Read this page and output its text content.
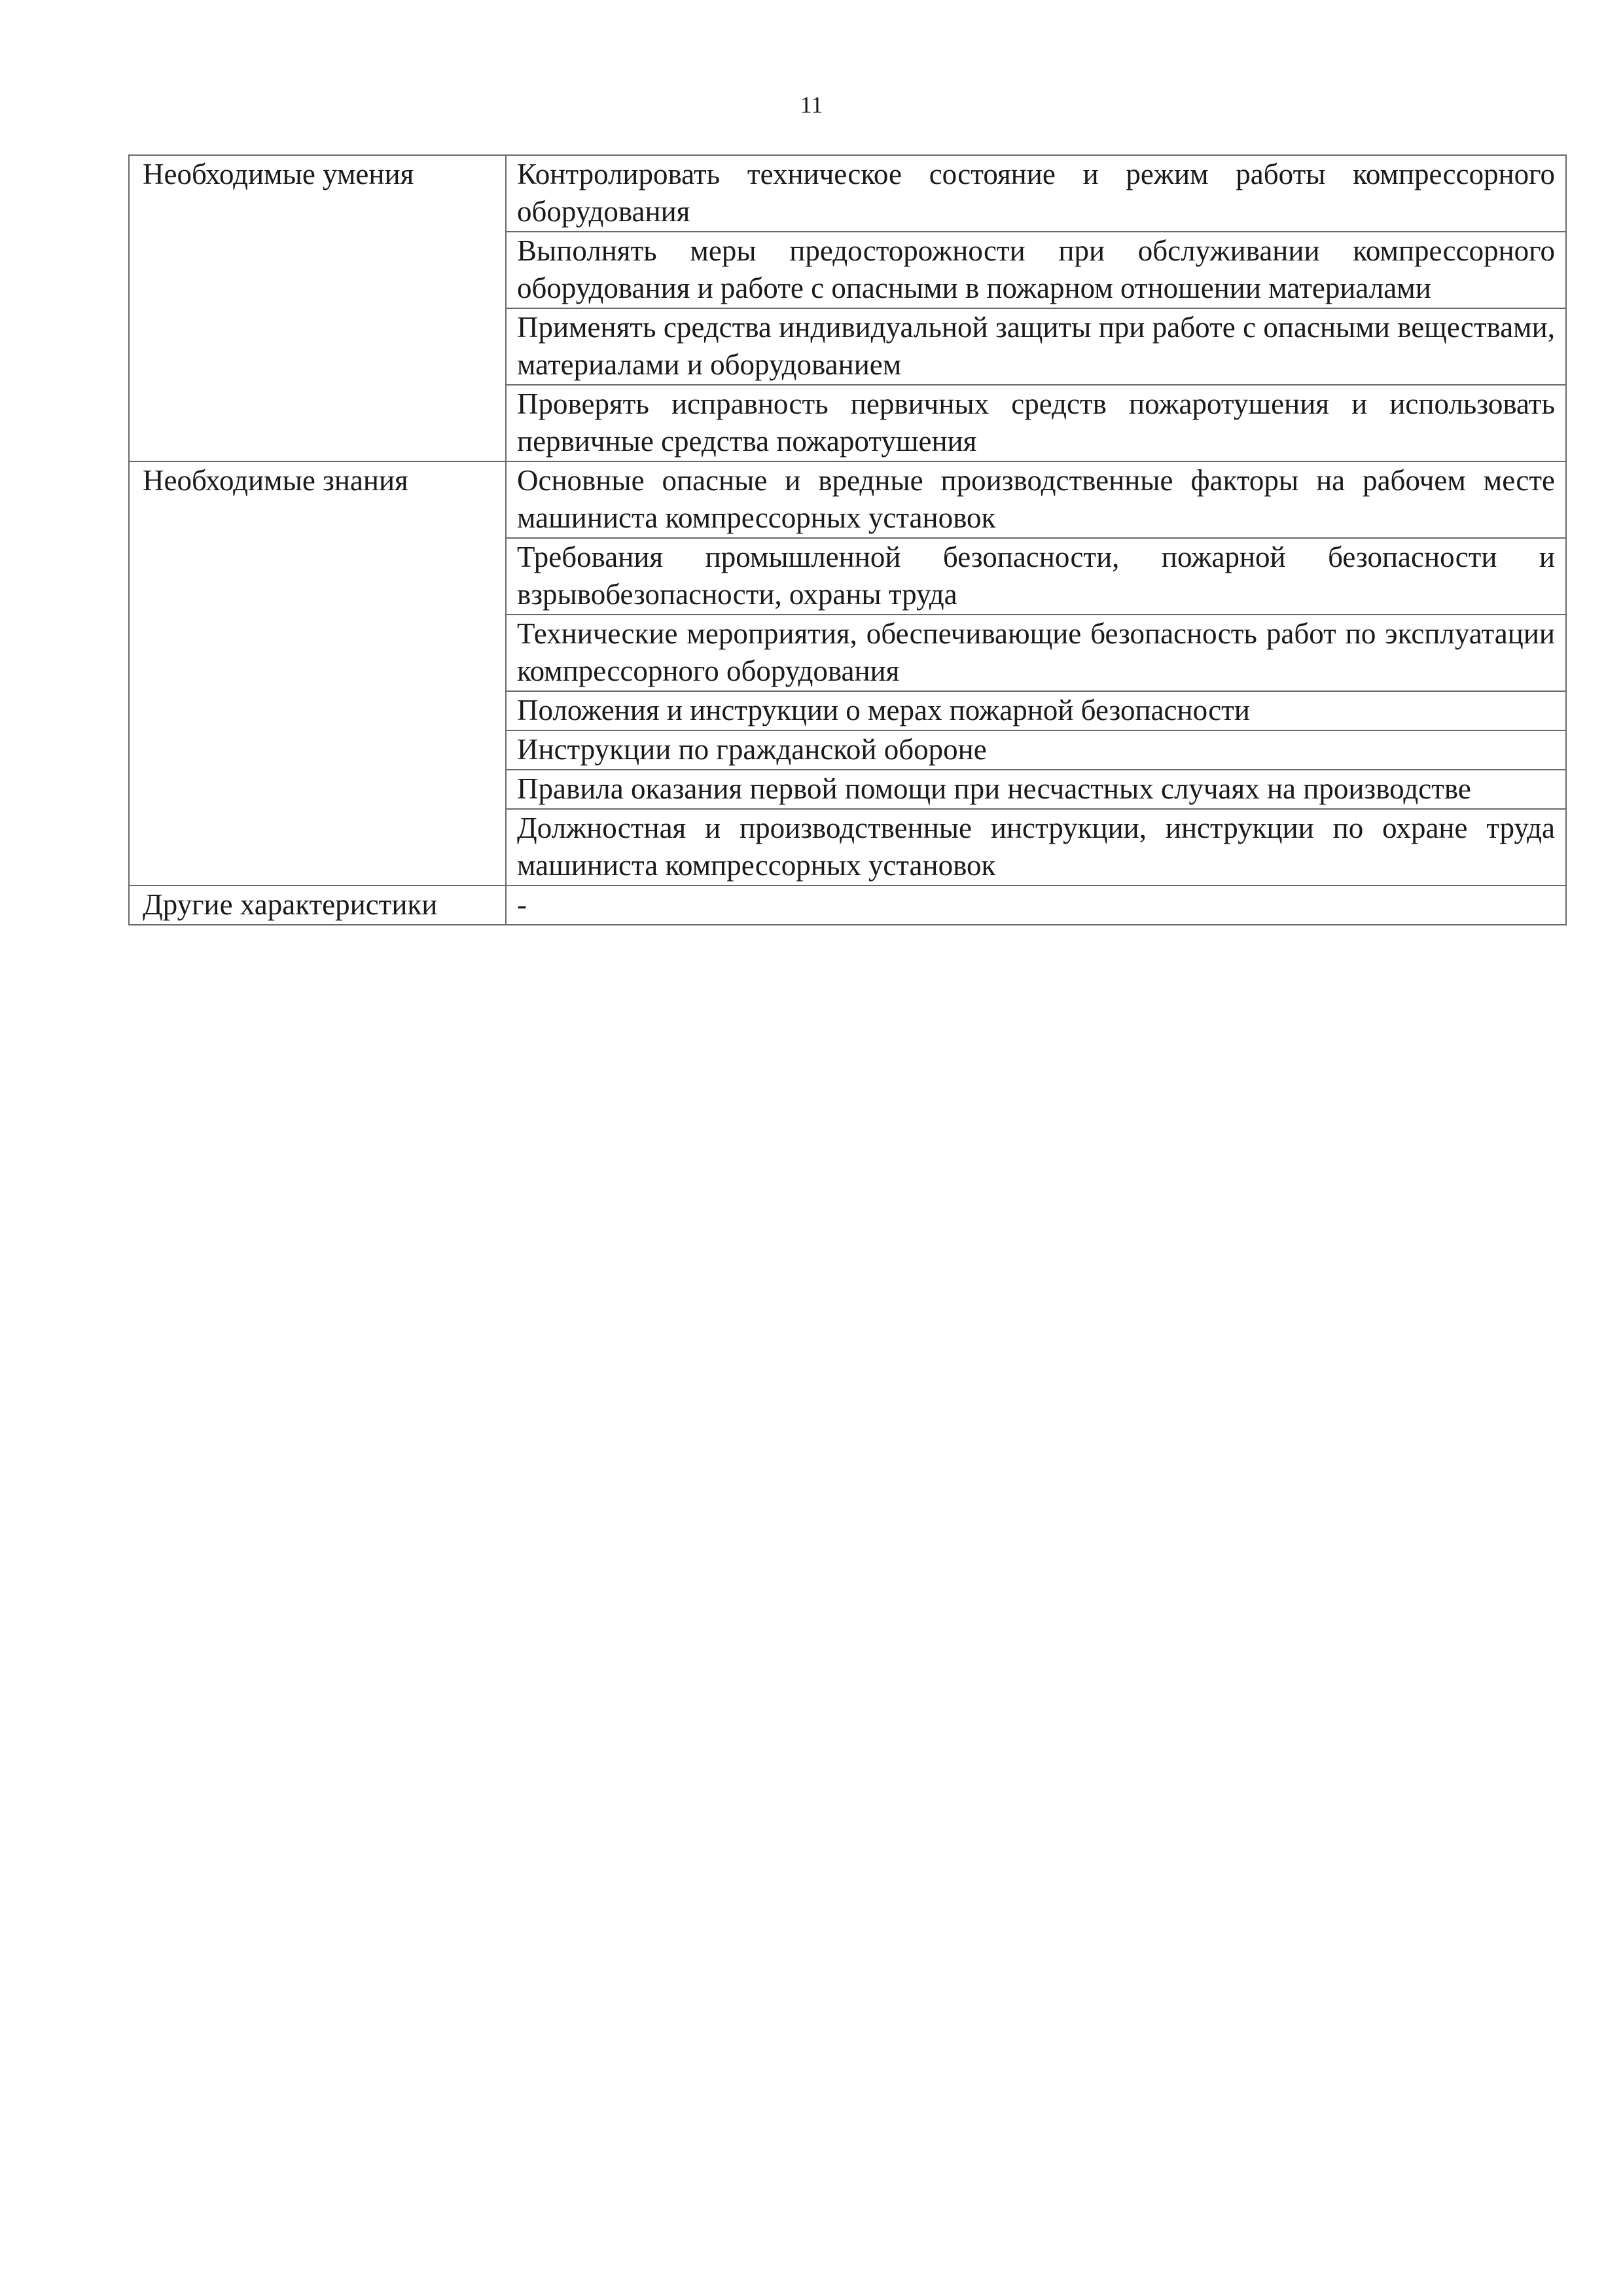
11
Необходимые умения	Контролировать техническое состояние и режим работы компрессорного оборудования
	Выполнять меры предосторожности при обслуживании компрессорного оборудования и работе с опасными в пожарном отношении материалами
	Применять средства индивидуальной защиты при работе с опасными веществами, материалами и оборудованием
	Проверять исправность первичных средств пожаротушения и использовать первичные средства пожаротушения
Необходимые знания	Основные опасные и вредные производственные факторы на рабочем месте машиниста компрессорных установок
	Требования промышленной безопасности, пожарной безопасности и взрывобезопасности, охраны труда
	Технические мероприятия, обеспечивающие безопасность работ по эксплуатации компрессорного оборудования
	Положения и инструкции о мерах пожарной безопасности
	Инструкции по гражданской обороне
	Правила оказания первой помощи при несчастных случаях на производстве
	Должностная и производственные инструкции, инструкции по охране труда машиниста компрессорных установок
Другие характеристики	-
